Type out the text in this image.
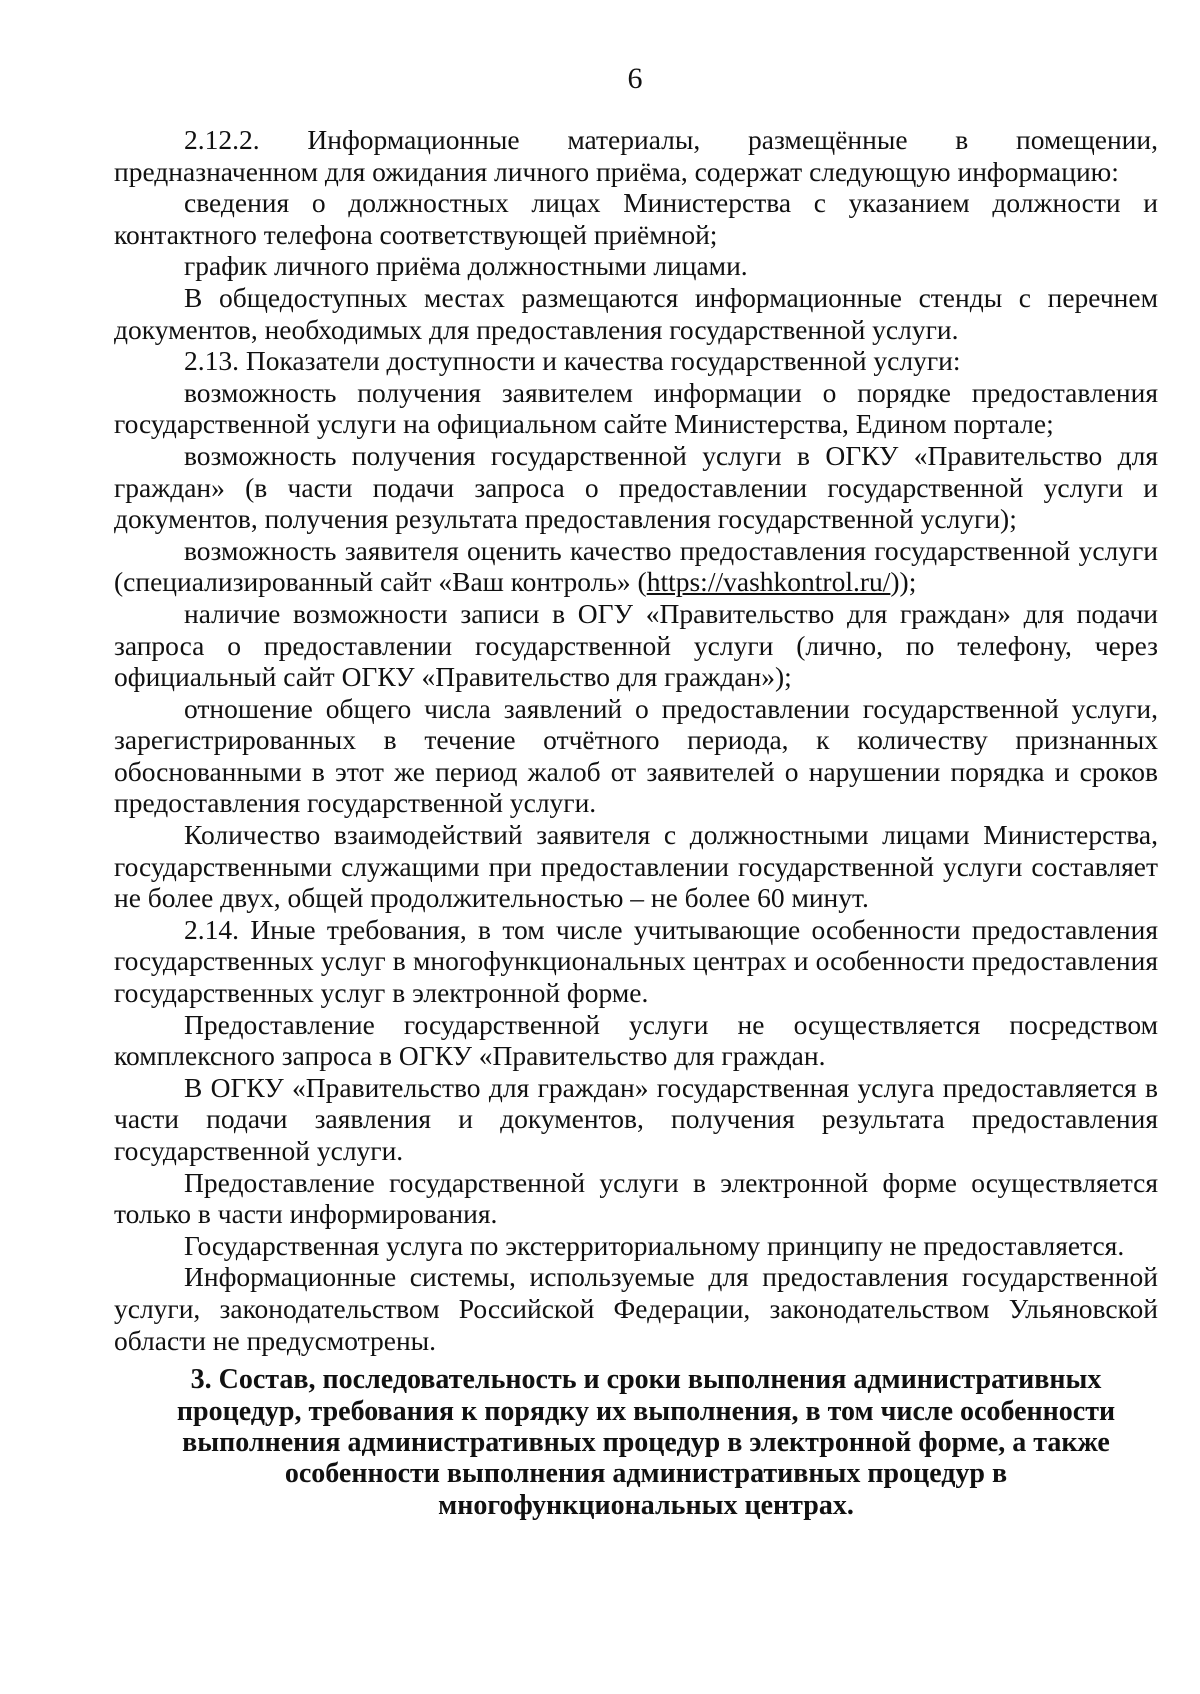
6

2.12.2. Информационные материалы, размещённые в помещении, предназначенном для ожидания личного приёма, содержат следующую информацию:

сведения о должностных лицах Министерства с указанием должности и контактного телефона соответствующей приёмной;

график личного приёма должностными лицами.

В общедоступных местах размещаются информационные стенды с перечнем документов, необходимых для предоставления государственной услуги.

2.13. Показатели доступности и качества государственной услуги:

возможность получения заявителем информации о порядке предоставления государственной услуги на официальном сайте Министерства, Едином портале;

возможность получения государственной услуги в ОГКУ «Правительство для граждан» (в части подачи запроса о предоставлении государственной услуги и документов, получения результата предоставления государственной услуги);

возможность заявителя оценить качество предоставления государственной услуги (специализированный сайт «Ваш контроль» (https://vashkontrol.ru/));

наличие возможности записи в ОГУ «Правительство для граждан» для подачи запроса о предоставлении государственной услуги (лично, по телефону, через официальный сайт ОГКУ «Правительство для граждан»);

отношение общего числа заявлений о предоставлении государственной услуги, зарегистрированных в течение отчётного периода, к количеству признанных обоснованными в этот же период жалоб от заявителей о нарушении порядка и сроков предоставления государственной услуги.

Количество взаимодействий заявителя с должностными лицами Министерства, государственными служащими при предоставлении государственной услуги составляет не более двух, общей продолжительностью – не более 60 минут.

2.14. Иные требования, в том числе учитывающие особенности предоставления государственных услуг в многофункциональных центрах и особенности предоставления государственных услуг в электронной форме.

Предоставление государственной услуги не осуществляется посредством комплексного запроса в ОГКУ «Правительство для граждан.

В ОГКУ «Правительство для граждан» государственная услуга предоставляется в части подачи заявления и документов, получения результата предоставления государственной услуги.

Предоставление государственной услуги в электронной форме осуществляется только в части информирования.

Государственная услуга по экстерриториальному принципу не предоставляется.

Информационные системы, используемые для предоставления государственной услуги, законодательством Российской Федерации, законодательством Ульяновской области не предусмотрены.

3. Состав, последовательность и сроки выполнения административных процедур, требования к порядку их выполнения, в том числе особенности выполнения административных процедур в электронной форме, а также особенности выполнения административных процедур в многофункциональных центрах.
